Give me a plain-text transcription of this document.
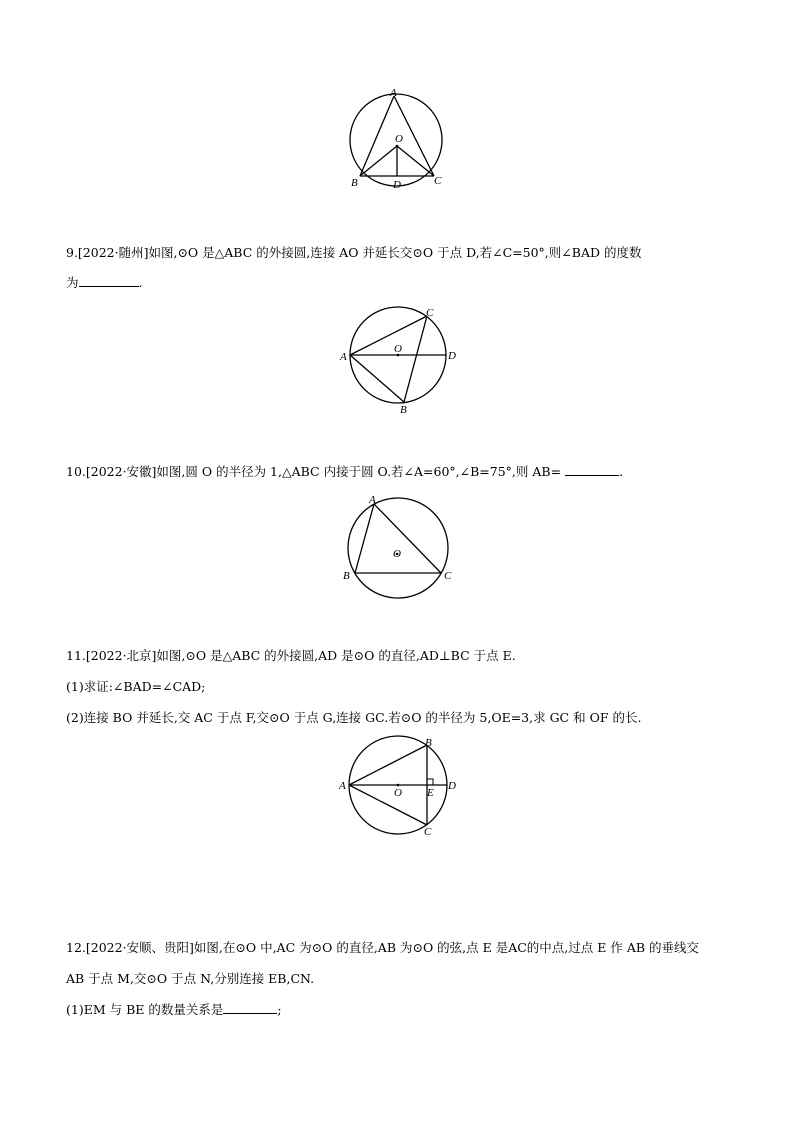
A
O
B	D	C
9.[2022·随州]如图,⊙O 是△ABC 的外接圆,连接 AO 并延长交⊙O 于点 D,若∠C=50°,则∠BAD 的度数
为	.
A
O
D
C
B
10.[2022·安徽]如图,圆 O 的半径为 1,△ABC 内接于圆 O.若∠A=60°,∠B=75°,则 AB=	.
A
O
B	C
11.[2022·北京]如图,⊙O 是△ABC 的外接圆,AD 是⊙O 的直径,AD⊥BC 于点 E.
(1)求证:∠BAD=∠CAD;
(2)连接 BO 并延长,交 AC 于点 F,交⊙O 于点 G,连接 GC.若⊙O 的半径为 5,OE=3,求 GC 和 OF 的长.
A
B
O E
D
C
12.[2022·安顺、贵阳]如图,在⊙O 中,AC 为⊙O 的直径,AB 为⊙O 的弦,点 E 是AC的中点,过点 E 作 AB 的垂线交
AB 于点 M,交⊙O 于点 N,分别连接 EB,CN.
(1)EM 与 BE 的数量关系是	;
